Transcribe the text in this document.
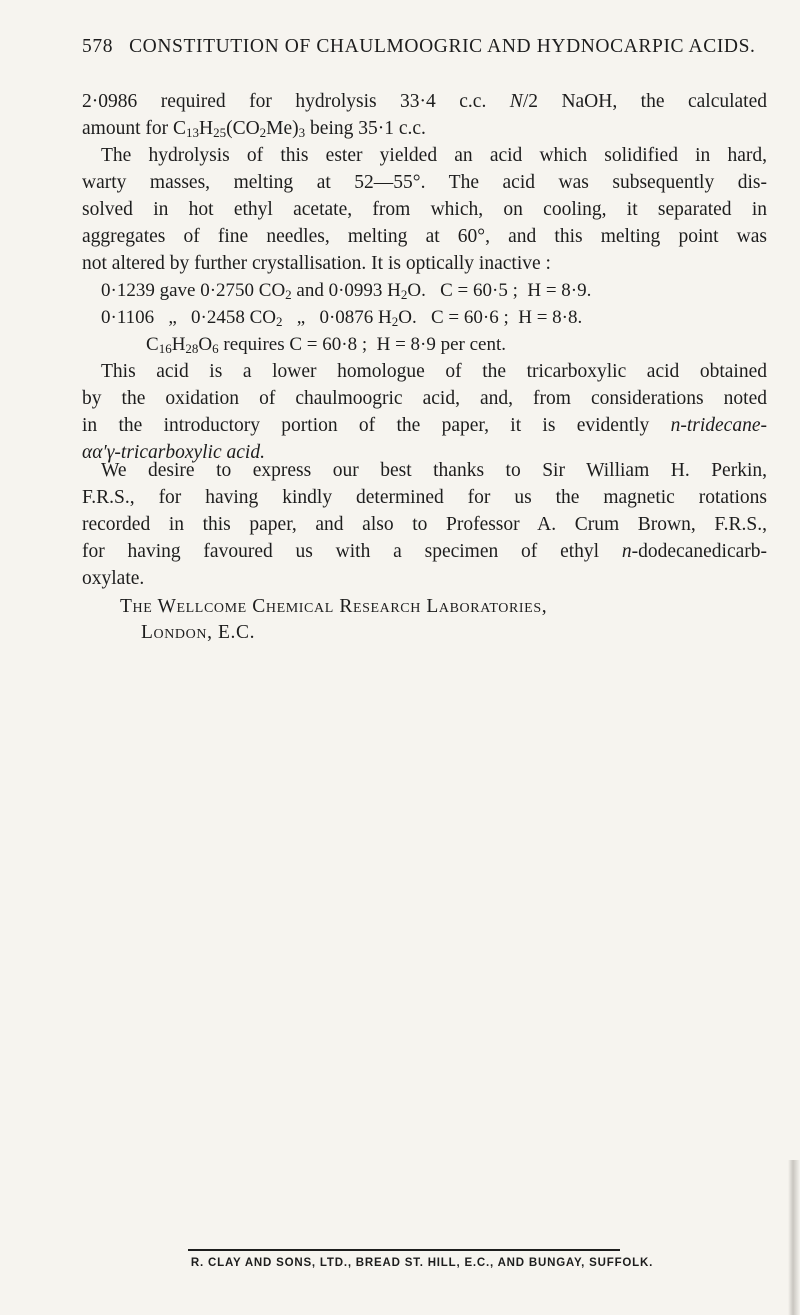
578 CONSTITUTION OF CHAULMOOGRIC AND HYDNOCARPIC ACIDS.
2·0986 required for hydrolysis 33·4 c.c. N/2 NaOH, the calculated
amount for $C_{13}H_{25}(CO_2Me)_3$ being 35·1 c.c.
The hydrolysis of this ester yielded an acid which solidified in hard,
warty masses, melting at 52—55°. The acid was subsequently dis-
solved in hot ethyl acetate, from which, on cooling, it separated in
aggregates of fine needles, melting at 60°, and this melting point was
not altered by further crystallisation. It is optically inactive :
0·1239 gave 0·2750 $CO_2$ and 0·0993 $H_2O$.   C = 60·5 ;  H = 8·9.
0·1106   „   0·2458 $CO_2$   „   0·0876 $H_2O$.   C = 60·6 ;  H = 8·8.
$C_{16}H_{28}O_6$ requires C = 60·8 ;  H = 8·9 per cent.
This acid is a lower homologue of the tricarboxylic acid obtained
by the oxidation of chaulmoogric acid, and, from considerations noted
in the introductory portion of the paper, it is evidently n-tridecane-
αα′γ-tricarboxylic acid.
We desire to express our best thanks to Sir William H. Perkin,
F.R.S., for having kindly determined for us the magnetic rotations
recorded in this paper, and also to Professor A. Crum Brown, F.R.S.,
for having favoured us with a specimen of ethyl n-dodecanedicarb-
oxylate.
The Wellcome Chemical Research Laboratories,
London, E.C.
R. CLAY AND SONS, LTD., BREAD ST. HILL, E.C., AND BUNGAY, SUFFOLK.
